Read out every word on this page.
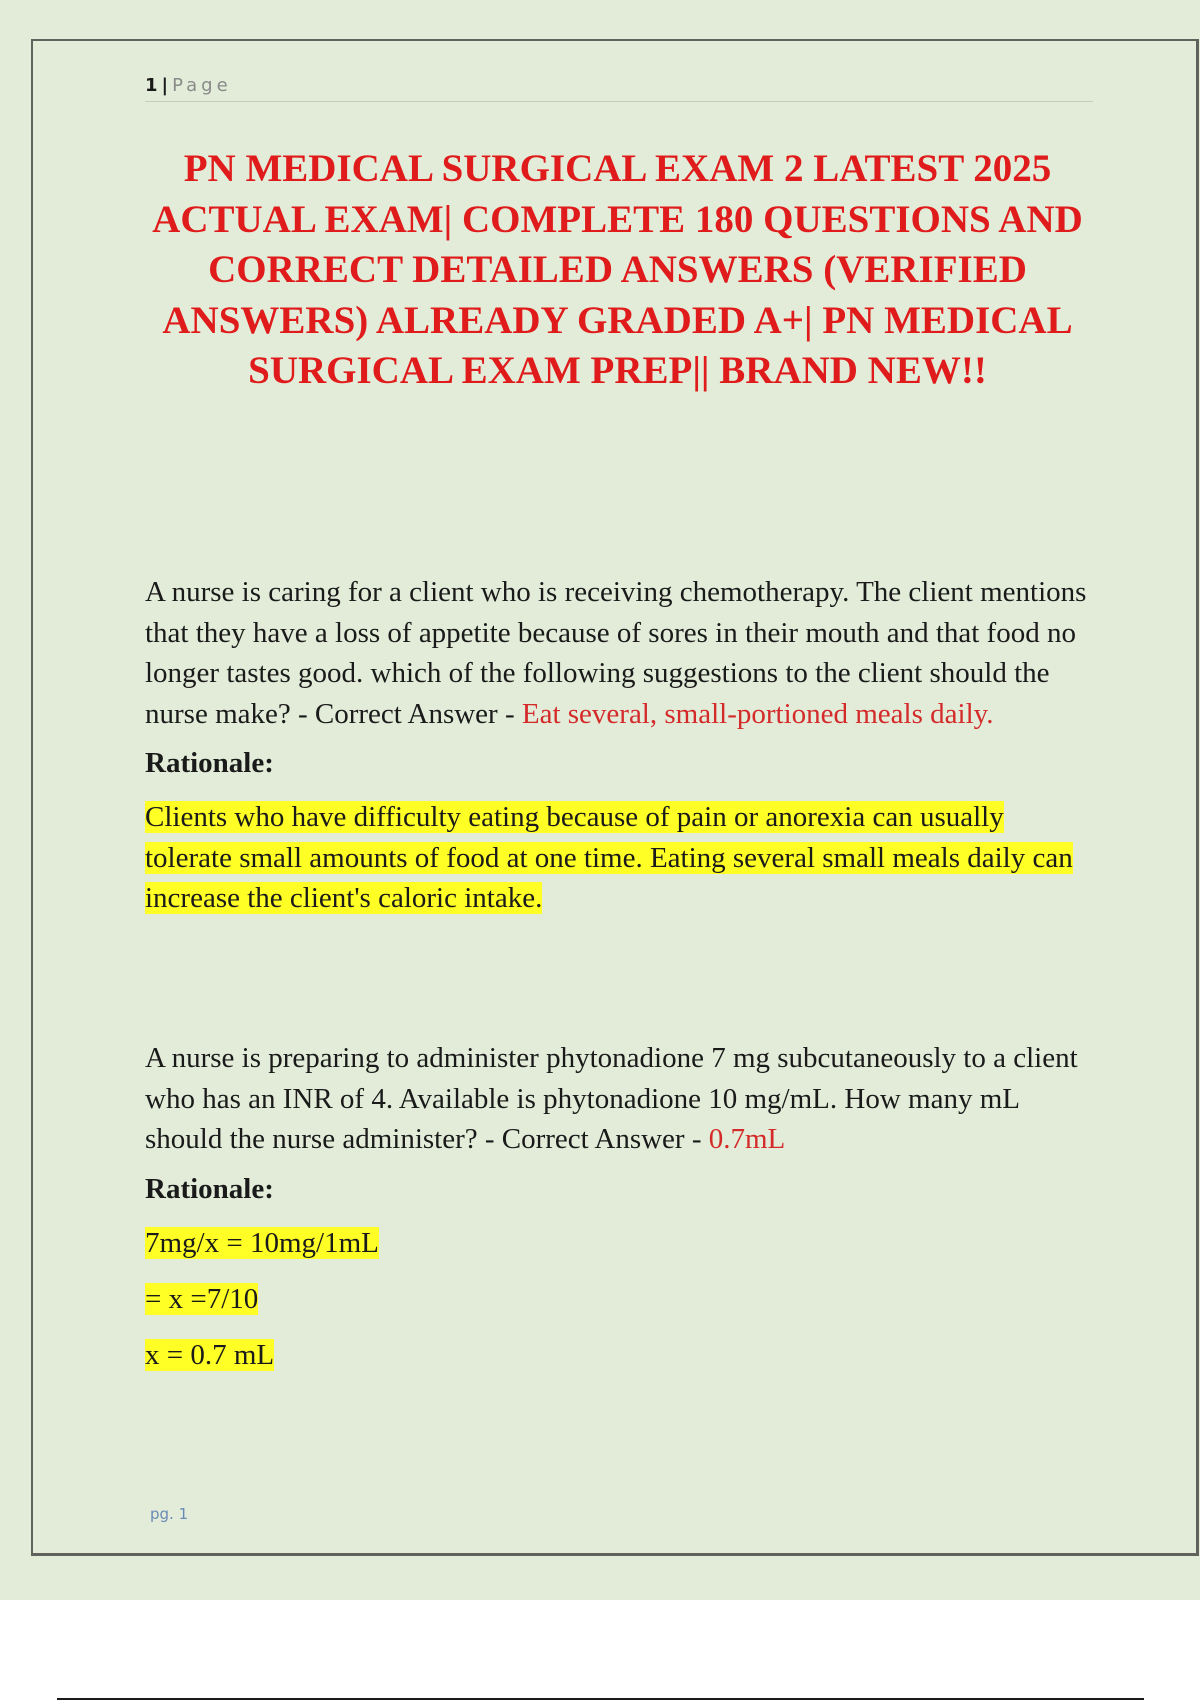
1 | Page
PN MEDICAL SURGICAL EXAM 2 LATEST 2025 ACTUAL EXAM| COMPLETE 180 QUESTIONS AND CORRECT DETAILED ANSWERS (VERIFIED ANSWERS) ALREADY GRADED A+| PN MEDICAL SURGICAL EXAM PREP|| BRAND NEW!!

A nurse is caring for a client who is receiving chemotherapy. The client mentions that they have a loss of appetite because of sores in their mouth and that food no longer tastes good. which of the following suggestions to the client should the nurse make? - Correct Answer - Eat several, small-portioned meals daily.

Rationale:

Clients who have difficulty eating because of pain or anorexia can usually tolerate small amounts of food at one time. Eating several small meals daily can increase the client's caloric intake.

A nurse is preparing to administer phytonadione 7 mg subcutaneously to a client who has an INR of 4. Available is phytonadione 10 mg/mL. How many mL should the nurse administer? - Correct Answer - 0.7mL

Rationale:

7mg/x = 10mg/1mL

= x =7/10

x = 0.7 mL

pg. 1
